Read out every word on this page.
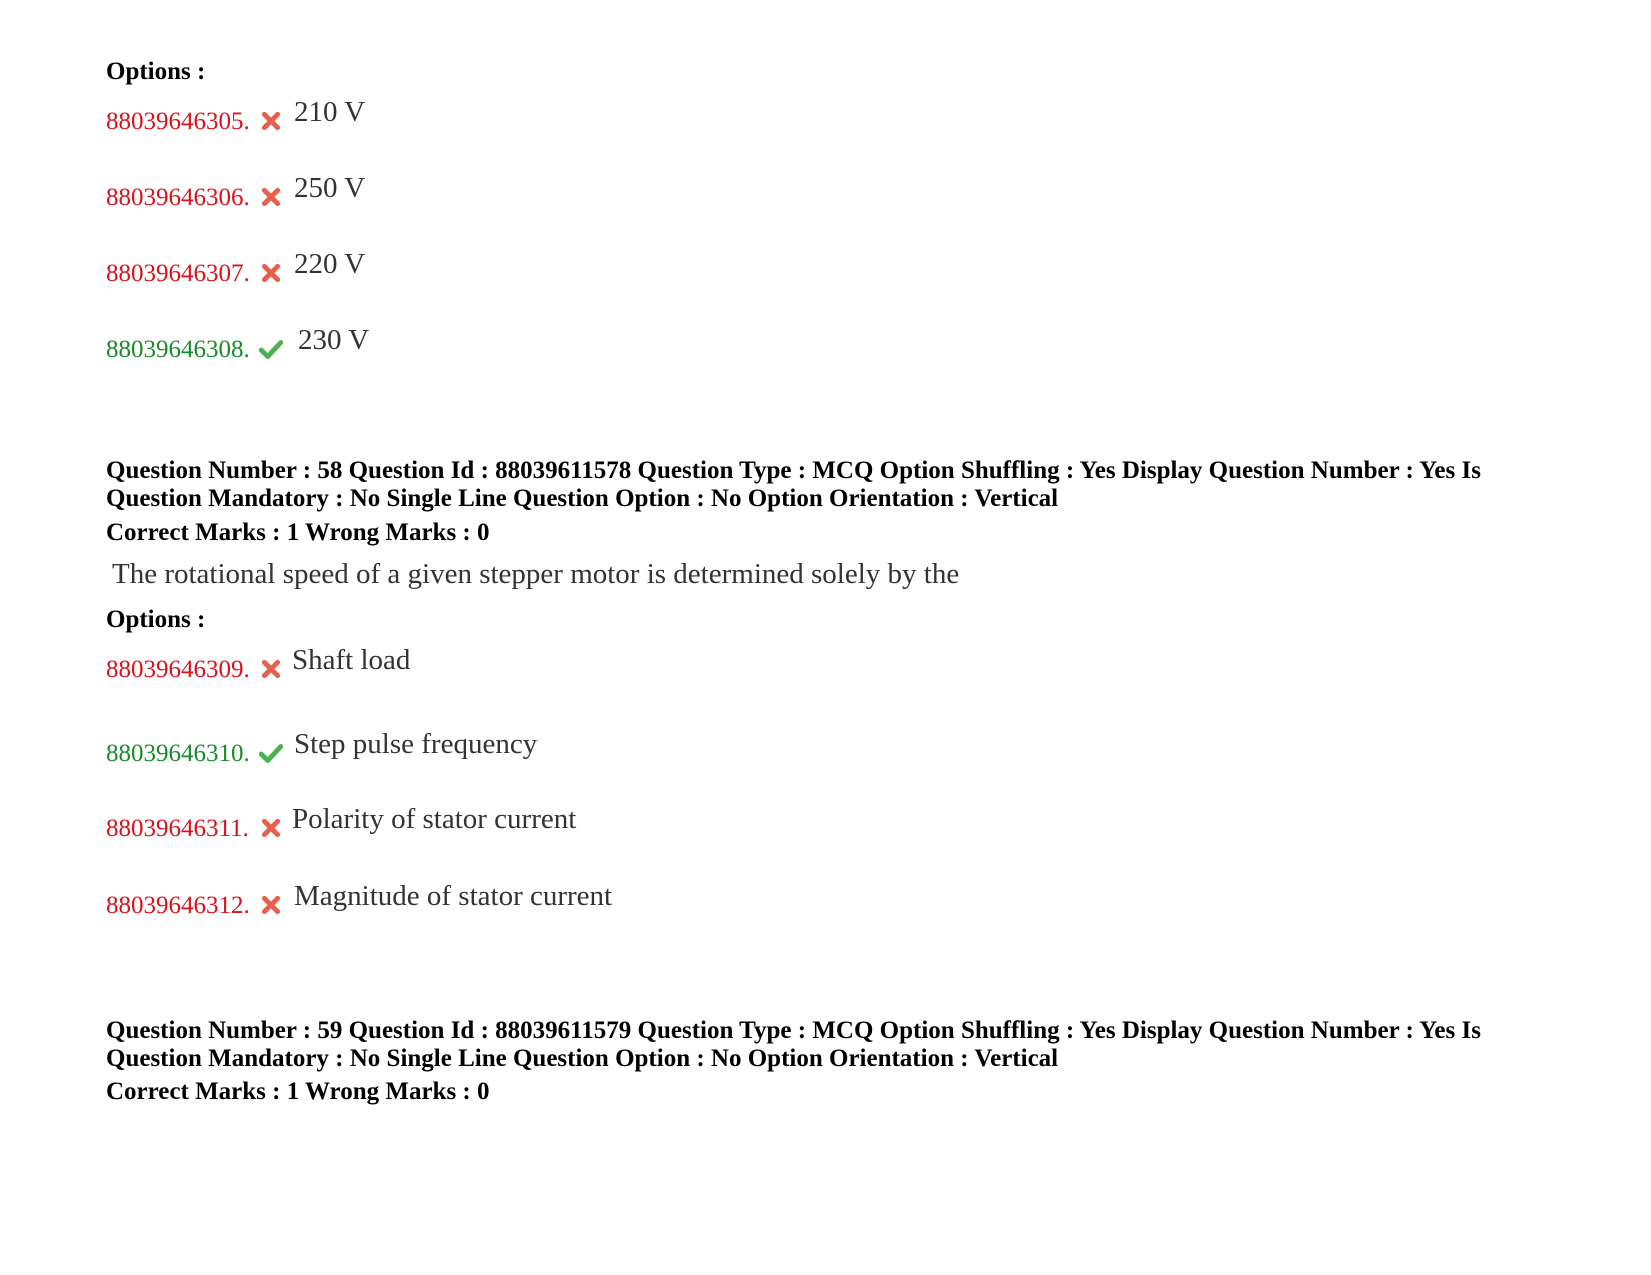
Options :
88039646305. 210 V
88039646306. 250 V
88039646307. 220 V
88039646308. 230 V
Question Number : 58 Question Id : 88039611578 Question Type : MCQ Option Shuffling : Yes Display Question Number : Yes Is
Question Mandatory : No Single Line Question Option : No Option Orientation : Vertical
Correct Marks : 1 Wrong Marks : 0
The rotational speed of a given stepper motor is determined solely by the
Options :
88039646309. Shaft load
88039646310. Step pulse frequency
88039646311. Polarity of stator current
88039646312. Magnitude of stator current
Question Number : 59 Question Id : 88039611579 Question Type : MCQ Option Shuffling : Yes Display Question Number : Yes Is
Question Mandatory : No Single Line Question Option : No Option Orientation : Vertical
Correct Marks : 1 Wrong Marks : 0
